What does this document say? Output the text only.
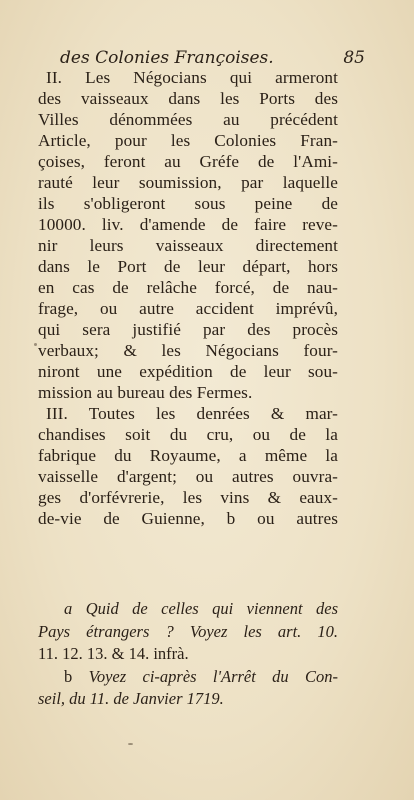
des Colonies Françoises.	85
II. Les Négocians qui armeront
des vaisseaux dans les Ports des
Villes dénommées au précédent
Article, pour les Colonies Fran-
çoises, feront au Gréfe de l'Ami-
rauté leur soumission, par laquelle
ils s'obligeront sous peine de
10000. liv. d'amende de faire reve-
nir leurs vaisseaux directement
dans le Port de leur départ, hors
en cas de relâche forcé, de nau-
frage, ou autre accident imprévû,
qui sera justifié par des procès
verbaux; & les Négocians four-
niront une expédition de leur sou-
mission au bureau des Fermes.
III. Toutes les denrées & mar-
chandises soit du cru, ou de la
fabrique du Royaume, a même la
vaisselle d'argent; ou autres ouvra-
ges d'orfévrerie, les vins & eaux-
de-vie de Guienne, b ou autres
a Quid de celles qui viennent des
Pays étrangers ? Voyez les art. 10.
11. 12. 13. & 14. infrà.
b Voyez ci-après l'Arrêt du Con-
seil, du 11. de Janvier 1719.
